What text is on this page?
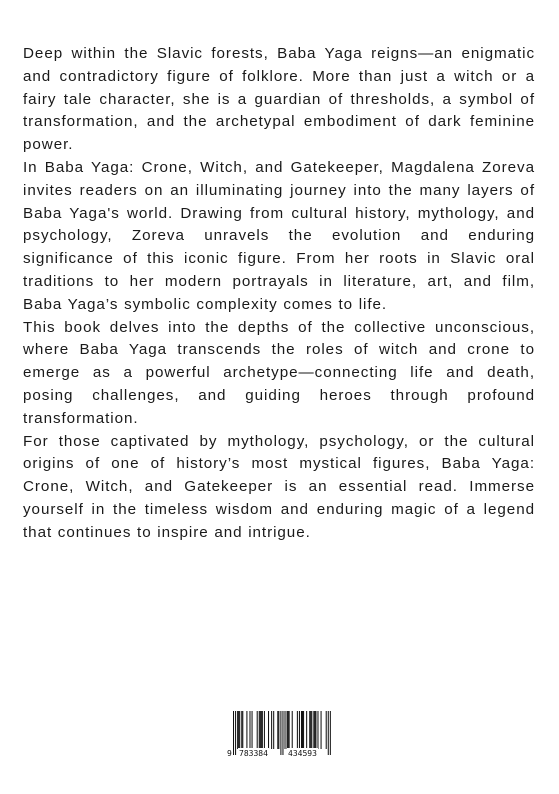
Deep within the Slavic forests, Baba Yaga reigns—an enigmatic and contradictory figure of folklore. More than just a witch or a fairy tale character, she is a guardian of thresholds, a symbol of transformation, and the archetypal embodiment of dark feminine power.

In Baba Yaga: Crone, Witch, and Gatekeeper, Magdalena Zoreva invites readers on an illuminating journey into the many layers of Baba Yaga's world. Drawing from cultural history, mythology, and psychology, Zoreva unravels the evolution and enduring significance of this iconic figure. From her roots in Slavic oral traditions to her modern portrayals in literature, art, and film, Baba Yaga’s symbolic complexity comes to life.

This book delves into the depths of the collective unconscious, where Baba Yaga transcends the roles of witch and crone to emerge as a powerful archetype—connecting life and death, posing challenges, and guiding heroes through profound transformation.

For those captivated by mythology, psychology, or the cultural origins of one of history’s most mystical figures, Baba Yaga: Crone, Witch, and Gatekeeper is an essential read. Immerse yourself in the timeless wisdom and enduring magic of a legend that continues to inspire and intrigue.

9 783384	434593
